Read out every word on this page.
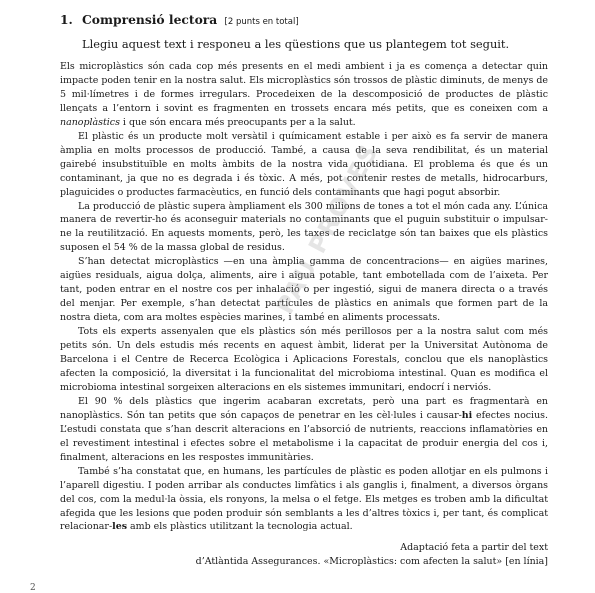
1. Comprensió lectora [2 punts en total]
Llegiu aquest text i responeu a les qüestions que us plantegem tot seguit.

Els microplàstics són cada cop més presents en el medi ambient i ja es comença a detectar quin impacte poden tenir en la nostra salut. Els microplàstics són trossos de plàstic diminuts, de menys de 5 mil·límetres i de formes irregulars. Procedeixen de la descomposició de productes de plàstic llençats a l’entorn i sovint es fragmenten en trossets encara més petits, que es coneixen com a nanoplàstics i que són encara més preocupants per a la salut.

El plàstic és un producte molt versàtil i químicament estable i per això es fa servir de manera àmplia en molts processos de producció. També, a causa de la seva rendibilitat, és un material gairebé insubstituïble en molts àmbits de la nostra vida quotidiana. El problema és que és un contaminant, ja que no es degrada i és tòxic. A més, pot contenir restes de metalls, hidrocarburs, plaguicides o productes farmacèutics, en funció dels contaminants que hagi pogut absorbir.

La producció de plàstic supera àmpliament els 300 milions de tones a tot el món cada any. L’única manera de revertir-ho és aconseguir materials no contaminants que el puguin substituir o impulsar-ne la reutilització. En aquests moments, però, les taxes de reciclatge són tan baixes que els plàstics suposen el 54 % de la massa global de residus.

S’han detectat microplàstics —en una àmplia gamma de concentracions— en aigües marines, aigües residuals, aigua dolça, aliments, aire i aigua potable, tant embotellada com de l’aixeta. Per tant, poden entrar en el nostre cos per inhalació o per ingestió, sigui de manera directa o a través del menjar. Per exemple, s’han detectat partícules de plàstics en animals que formen part de la nostra dieta, com ara moltes espècies marines, i també en aliments processats.

Tots els experts assenyalen que els plàstics són més perillosos per a la nostra salut com més petits són. Un dels estudis més recents en aquest àmbit, liderat per la Universitat Autònoma de Barcelona i el Centre de Recerca Ecològica i Aplicacions Forestals, conclou que els nanoplàstics afecten la composició, la diversitat i la funcionalitat del microbioma intestinal. Quan es modifica el microbioma intestinal sorgeixen alteracions en els sistemes immunitari, endocrí i nerviós.

El 90 % dels plàstics que ingerim acabaran excretats, però una part es fragmentarà en nanoplàstics. Són tan petits que són capaços de penetrar en les cèl·lules i causar-hi efectes nocius. L’estudi constata que s’han descrit alteracions en l’absorció de nutrients, reaccions inflamatòries en el revestiment intestinal i efectes sobre el metabolisme i la capacitat de produir energia del cos i, finalment, alteracions en les respostes immunitàries.

També s’ha constatat que, en humans, les partícules de plàstic es poden allotjar en els pulmons i l’aparell digestiu. I poden arribar als conductes limfàtics i als ganglis i, finalment, a diversos òrgans del cos, com la medul·la òssia, els ronyons, la melsa o el fetge. Els metges es troben amb la dificultat afegida que les lesions que poden produir són semblants a les d’altres tòxics i, per tant, és complicat relacionar-les amb els plàstics utilitzant la tecnologia actual.

Adaptació feta a partir del text
d’Atlàntida Assegurances. «Microplàstics: com afecten la salut» [en línia]
PAU PROVES
2
